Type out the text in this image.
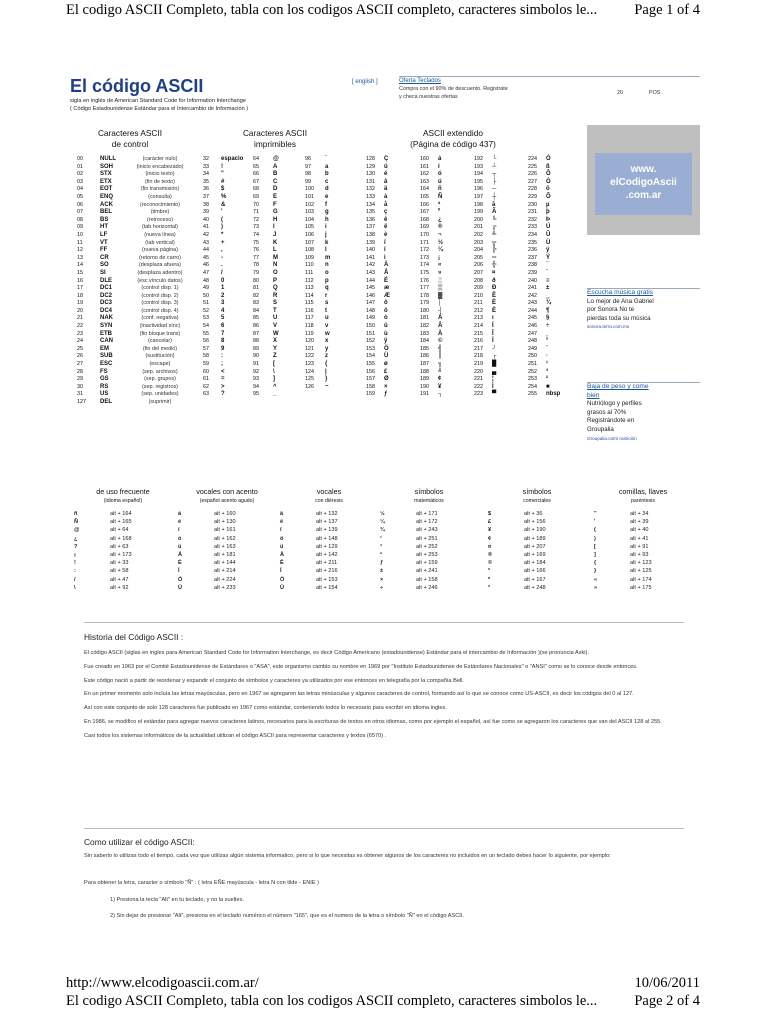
El codigo ASCII Completo, tabla con los codigos ASCII completo, caracteres simbolos le...	Page 1 of 4
El código ASCII
sigla en inglés de American Standard Code for Information Interchange
( Código Estadounidense Estándar para el Intercambio de Información )
[ english ]	Oferta Teclados
Compra con el 90% de descuento. Registrate
y checa nuestras ofertas
20	POS .
Caracteres ASCII
de control
Caracteres ASCII
imprimibles
ASCII extendido
(Página de código 437)
00	NULL	(carácter nulo)
01	SOH	(inicio encabezado)
02	STX	(inicio texto)
03	ETX	(fin de texto)
04	EOT	(fin transmisión)
05	ENQ	(consulta)
06	ACK	(reconocimiento)
07	BEL	(timbre)
08	BS	(retroceso)
09	HT	(tab horizontal)
10	LF	(nueva línea)
11	VT	(tab vertical)
12	FF	(nueva página)
13	CR	(retorno de carro)
14	SO	(desplaza afuera)
15	SI	(desplaza adentro)
16	DLE	(esc.vínculo datos)
17	DC1	(control disp. 1)
18	DC2	(control disp. 2)
19	DC3	(control disp. 3)
20	DC4	(control disp. 4)
21	NAK	(conf. negativa)
22	SYN	(inactividad sínc)
23	ETB	(fin bloque trans)
24	CAN	(cancelar)
25	EM	(fin del medio)
26	SUB	(sustitución)
27	ESC	(escape)
28	FS	(sep. archivos)
29	GS	(sep. grupos)
30	RS	(sep. registros)
31	US	(sep. unidades)
127 DEL	(suprimir)
32 espacio 64 @	96 `
33 !	65 A	97 a
34 "	66 B	98 b
35 #	67 C	99 c
36 $	68 D	100 d
37 %	69 E	101 e
38 &	70 F	102 f
39 '	71 G	103 g
40 (	72 H	104 h
41 )	73 I	105 i
42 *	74 J	106 j
43 +	75 K	107 k
44 ,	76 L	108 l
45 -	77 M	109 m
46 .	78 N	110 n
47 /	79 O	111 o
48 0	80 P	112 p
49 1	81 Q	113 q
50 2	82 R	114 r
51 3	83 S	115 s
52 4	84 T	116 t
53 5	85 U	117 u
54 6	86 V	118 v
55 7	87 W	119 w
56 8	88 X	120 x
57 9	89 Y	121 y
58 :	90 Z	122 z
59 ;	91 [	123 {
60 <	92 \	124 |
61 =	93 ]	125 }
62 >	94 ^	126 ~
63 ?	95 _
128 Ç	160 á	192 └	224 Ó
129 ü	161 í	193 ┴	225 ß
130 é	162 ó	194 ┬	226 Ô
131 â	163 ú	195 ├	227 Ò
132 ä	164 ñ	196 ─	228 õ
133 à	165 Ñ	197 ┼	229 Õ
134 å	166 ª	198 ã	230 µ
135 ç	167 º	199 Ã	231 þ
136 ê	168 ¿	200 ╚	232 Þ
137 ë	169 ®	201 ╔	233 Ú
138 è	170 ¬	202 ╩	234 Û
139 ï	171 ½	203 ╦	235 Ù
140 î	172 ¼	204 ╠	236 ý
141 ì	173 ¡	205 ═	237 Ý
142 Ä	174 «	206 ╬	238 ¯
143 Å	175 »	207 ¤	239 ´
144 É	176 ░	208 ð	240 ≡
145 æ	177 ▒	209 Ð	241 ±
146 Æ	178 ▓	210 Ê	242 ‗
147 ô	179 │	211 Ë	243 ¾
148 ö	180 ┤	212 È	244 ¶
149 ò	181 Á	213 ı	245 §
150 û	182 Â	214 Í	246 ÷
151 ù	183 À	215 Î	247 ¸
152 ÿ	184 ©	216 Ï	248 °
153 Ö	185 ╣	217 ┘	249 ¨
154 Ü	186 ║	218 ┌	250 ·
155 ø	187 ╗	219 █	251 ¹
156 £	188 ╝	220 ▄	252 ³
157 Ø	189 ¢	221 ¦	253 ²
158 ×	190 ¥	222 Ì	254 ■
159 ƒ	191 ┐	223 ▀	255 nbsp
www.
elCodigoAscii
.com.ar
Escucha música gratis
Lo mejor de Ana Gabriel
por Sonora No te
pierdas toda su música
sonora.terra.com.mx
Baja de peso y come
bien
Nutriólogo y perfiles
grasos al 70%
Registrándote en
Groupalia
Groupalia.com/ nutrición
de uso frecuente
(idioma español)
ñ	alt + 164
Ñ	alt + 165
@	alt + 64
¿	alt + 168
?	alt + 63
¡	alt + 173
!	alt + 33
:	alt + 58
/	alt + 47
\	alt + 92
vocales con acento
(español acento agudo)
á	alt + 160
é	alt + 130
í	alt + 161
ó	alt + 162
ú	alt + 163
Á	alt + 181
É	alt + 144
Í	alt + 214
Ó	alt + 224
Ú	alt + 233
vocales
con diéresis
ä	alt + 132
ë	alt + 137
ï	alt + 139
ö	alt + 148
ü	alt + 129
Ä	alt + 142
Ë	alt + 211
Ï	alt + 216
Ö	alt + 153
Ü	alt + 154
símbolos
matemáticos
½	alt + 171
¼	alt + 172
¾	alt + 243
¹	alt + 251
³	alt + 252
²	alt + 253
ƒ	alt + 159
±	alt + 241
×	alt + 158
÷	alt + 246
símbolos
comerciales
$	alt + 36
£	alt + 156
¥	alt + 190
¢	alt + 189
¤	alt + 207
®	alt + 169
©	alt + 184
ª	alt + 166
º	alt + 167
°	alt + 248
comillas, llaves
paréntesis
"	alt + 34
'	alt + 39
(	alt + 40
)	alt + 41
[	alt + 91
]	alt + 93
{	alt + 123
}	alt + 125
«	alt + 174
»	alt + 175
Historia del Código ASCII :
El código ASCII (siglas en ingles para American Standard Code for Information Interchange, es decir Código Americano (estadounidense) Estándar para el intercambio de Información )(se pronuncia Aski).
Fue creado en 1963 por el Comité Estadounidense de Estándares o "ASA", este organismo cambio su nombre en 1969 por "Instituto Estadounidense de Estándares Nacionales" o "ANSI" como se lo conoce desde entonces.
Este código nació a partir de reordenar y expandir el conjunto de símbolos y caracteres ya utilizados por ese entonces en telegrafía por la compañía Bell.
En un primer momento solo incluía las letras mayúsculas, pero en 1967 se agregaron las letras minúsculas y algunos caracteres de control, formando así lo que se conoce como US-ASCII, es decir los códigos del 0 al 127.
Así con este conjunto de solo 128 caracteres fue publicado en 1967 como estándar, conteniendo todos lo necesario para escribir en idioma ingles.
En 1986, se modifico el estándar para agregar nuevos caracteres latinos, necesarios para la escrituras de textos en otros idiomas, como por ejemplo el español, así fue como se agregaron los caracteres que van del ASCII 128 al 255.
Casi todos los sistemas informáticos de la actualidad utilizan el código ASCII para representar caracteres y textos (6570) .
Como utilizar el código ASCII:
Sin saberlo lo utilizas todo el tiempo, cada vez que utilizas algún sistema informatico, pero si lo que necesitas es obtener algunos de los caracteres no incluidos en un teclado debes hacer lo siguiente, por ejemplo:
Para obtener la letra, caracter o símbolo "Ñ" : ( letra EÑE mayúscula - letra N con tilde - ENIE )
1) Presiona la tecla "Alt" en tu teclado, y no la sueltes.
2) Sin dejar de presionar "Alt", presiona en el teclado numérico el número "165", que es el numero de la letra o símbolo "Ñ" en el código ASCII.
http://www.elcodigoascii.com.ar/	10/06/2011
El codigo ASCII Completo, tabla con los codigos ASCII completo, caracteres simbolos le...	Page 2 of 4
